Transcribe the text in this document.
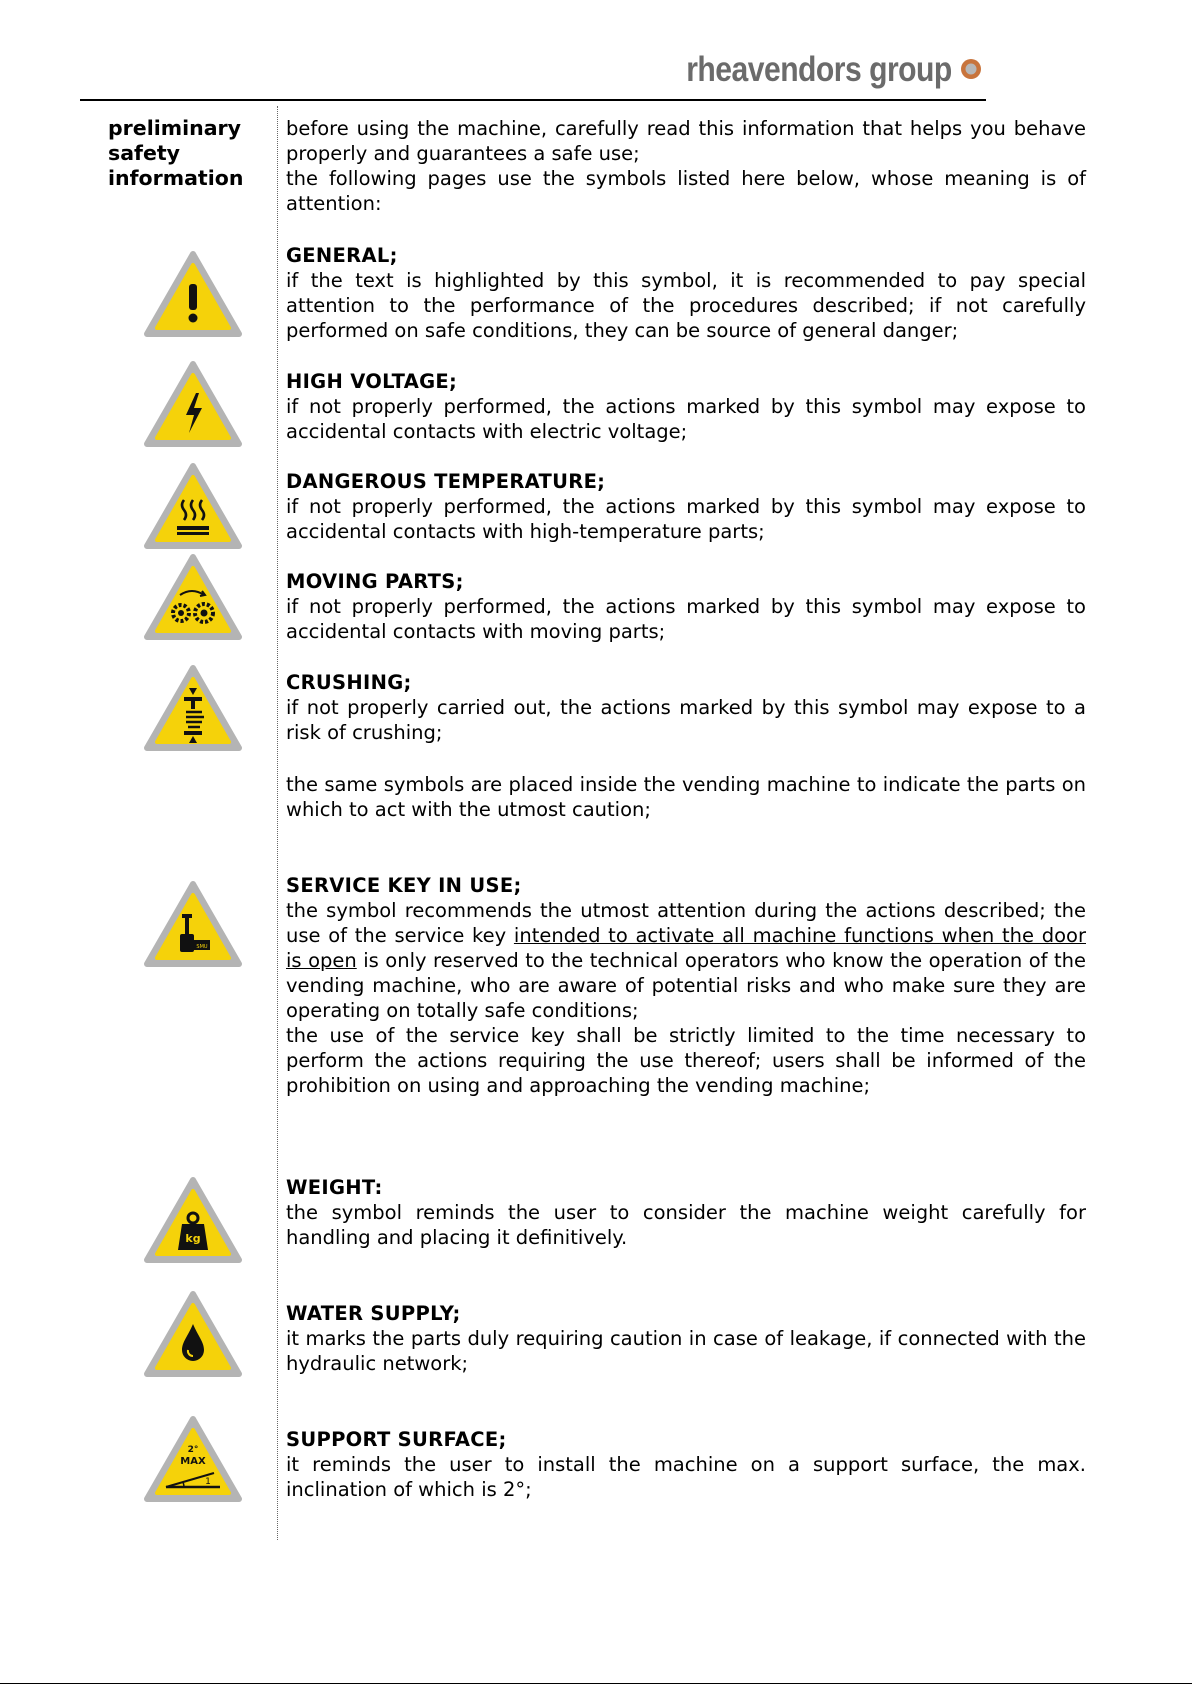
rheavendors group
preliminary
safety
information

before using the machine, carefully read this information that helps you behave properly and guarantees a safe use;

the following pages use the symbols listed here below, whose meaning is of attention:

GENERAL;

if the text is highlighted by this symbol, it is recommended to pay special attention to the performance of the procedures described; if not carefully performed on safe conditions, they can be source of general danger;

HIGH VOLTAGE;

if not properly performed, the actions marked by this symbol may expose to accidental contacts with electric voltage;

DANGEROUS TEMPERATURE;

if not properly performed, the actions marked by this symbol may expose to accidental contacts with high-temperature parts;

MOVING PARTS;

if not properly performed, the actions marked by this symbol may expose to accidental contacts with moving parts;

CRUSHING;

if not properly carried out, the actions marked by this symbol may expose to a risk of crushing;

the same symbols are placed inside the vending machine to indicate the parts on which to act with the utmost caution;

SMU

SERVICE KEY IN USE;

the symbol recommends the utmost attention during the actions described; the use of the service key intended to activate all machine functions when the door is open is only reserved to the technical operators who know the operation of the vending machine, who are aware of potential risks and who make sure they are operating on totally safe conditions;

the use of the service key shall be strictly limited to the time necessary to perform the actions requiring the use thereof; users shall be informed of the prohibition on using and approaching the vending machine;

kg

WEIGHT:

the symbol reminds the user to consider the machine weight carefully for handling and placing it definitively.

WATER SUPPLY;

it marks the parts duly requiring caution in case of leakage, if connected with the hydraulic network;

2°
MAX
1

SUPPORT SURFACE;

it reminds the user to install the machine on a support surface, the max. inclination of which is 2°;
